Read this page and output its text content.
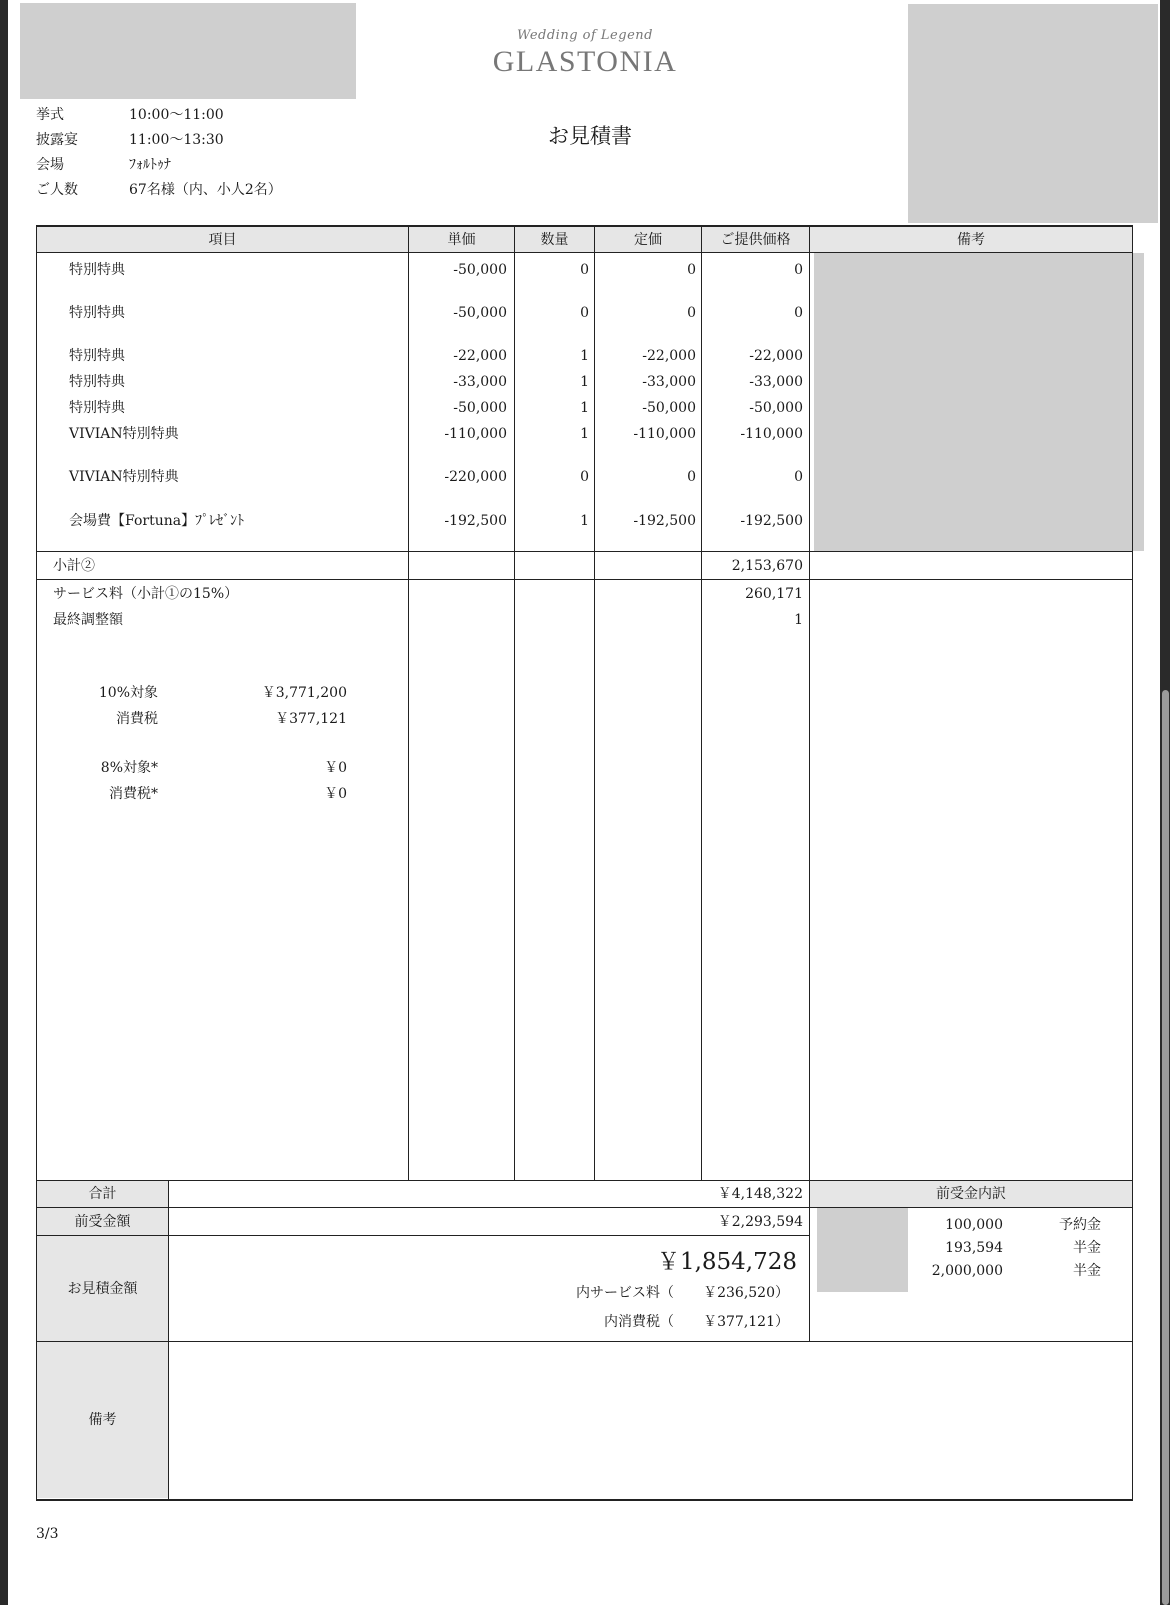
Wedding of Legend
GLASTONIA
お見積書
挙式	10:00～11:00
披露宴	11:00～13:30
会場	ﾌｫﾙﾄｩﾅ
ご人数	67名様（内、小人2名）
項目	単価	数量	定価	ご提供価格	備考
特別特典	-50,000	0	0	0
特別特典	-50,000	0	0	0
特別特典	-22,000	1	-22,000	-22,000
特別特典	-33,000	1	-33,000	-33,000
特別特典	-50,000	1	-50,000	-50,000
VIVIAN特別特典	-110,000	1	-110,000	-110,000
VIVIAN特別特典	-220,000	0	0	0
会場費【Fortuna】ﾌﾟﾚｾﾞﾝﾄ	-192,500	1	-192,500	-192,500
小計②	2,153,670
サービス料（小計①の15%）	260,171
最終調整額	1
10%対象	￥3,771,200
消費税	￥377,121
8%対象*	￥0
消費税*	￥0
合計	￥4,148,322
前受金額	￥2,293,594
お見積金額
￥1,854,728
内サービス料（	￥236,520）
内消費税（	￥377,121）
前受金内訳
100,000	予約金
193,594	半金
2,000,000	半金
備考
3/3
